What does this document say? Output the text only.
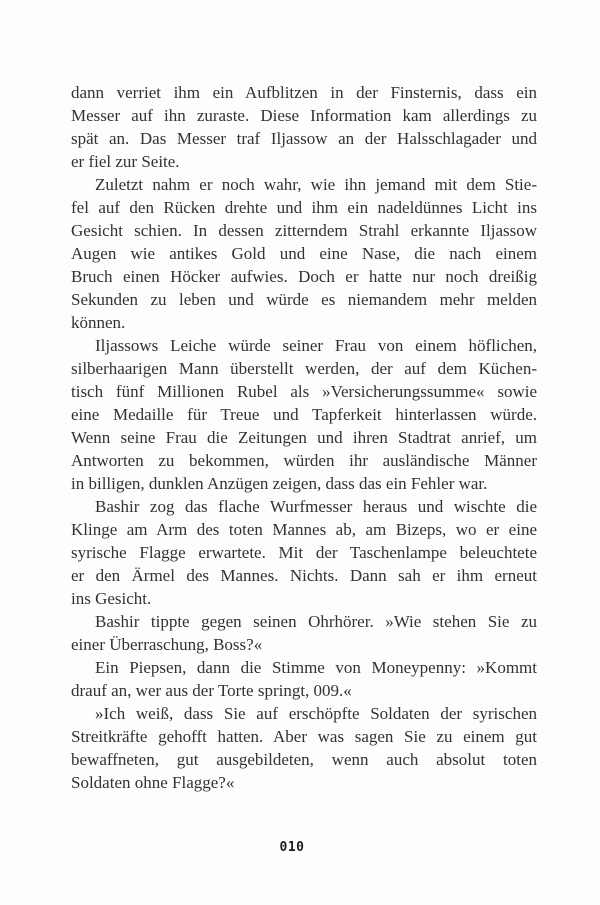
dann verriet ihm ein Aufblitzen in der Finsternis, dass ein
Messer auf ihn zuraste. Diese Information kam allerdings zu
spät an. Das Messer traf Iljassow an der Halsschlagader und
er fiel zur Seite.
Zuletzt nahm er noch wahr, wie ihn jemand mit dem Stie-
fel auf den Rücken drehte und ihm ein nadeldünnes Licht ins
Gesicht schien. In dessen zitterndem Strahl erkannte Iljassow
Augen wie antikes Gold und eine Nase, die nach einem
Bruch einen Höcker aufwies. Doch er hatte nur noch dreißig
Sekunden zu leben und würde es niemandem mehr melden
können.
Iljassows Leiche würde seiner Frau von einem höflichen,
silberhaarigen Mann überstellt werden, der auf dem Küchen-
tisch fünf Millionen Rubel als »Versicherungssumme« sowie
eine Medaille für Treue und Tapferkeit hinterlassen würde.
Wenn seine Frau die Zeitungen und ihren Stadtrat anrief, um
Antworten zu bekommen, würden ihr ausländische Männer
in billigen, dunklen Anzügen zeigen, dass das ein Fehler war.
Bashir zog das flache Wurfmesser heraus und wischte die
Klinge am Arm des toten Mannes ab, am Bizeps, wo er eine
syrische Flagge erwartete. Mit der Taschenlampe beleuchtete
er den Ärmel des Mannes. Nichts. Dann sah er ihm erneut
ins Gesicht.
Bashir tippte gegen seinen Ohrhörer. »Wie stehen Sie zu
einer Überraschung, Boss?«
Ein Piepsen, dann die Stimme von Moneypenny: »Kommt
drauf an, wer aus der Torte springt, 009.«
»Ich weiß, dass Sie auf erschöpfte Soldaten der syrischen
Streitkräfte gehofft hatten. Aber was sagen Sie zu einem gut
bewaffneten, gut ausgebildeten, wenn auch absolut toten
Soldaten ohne Flagge?«
010
